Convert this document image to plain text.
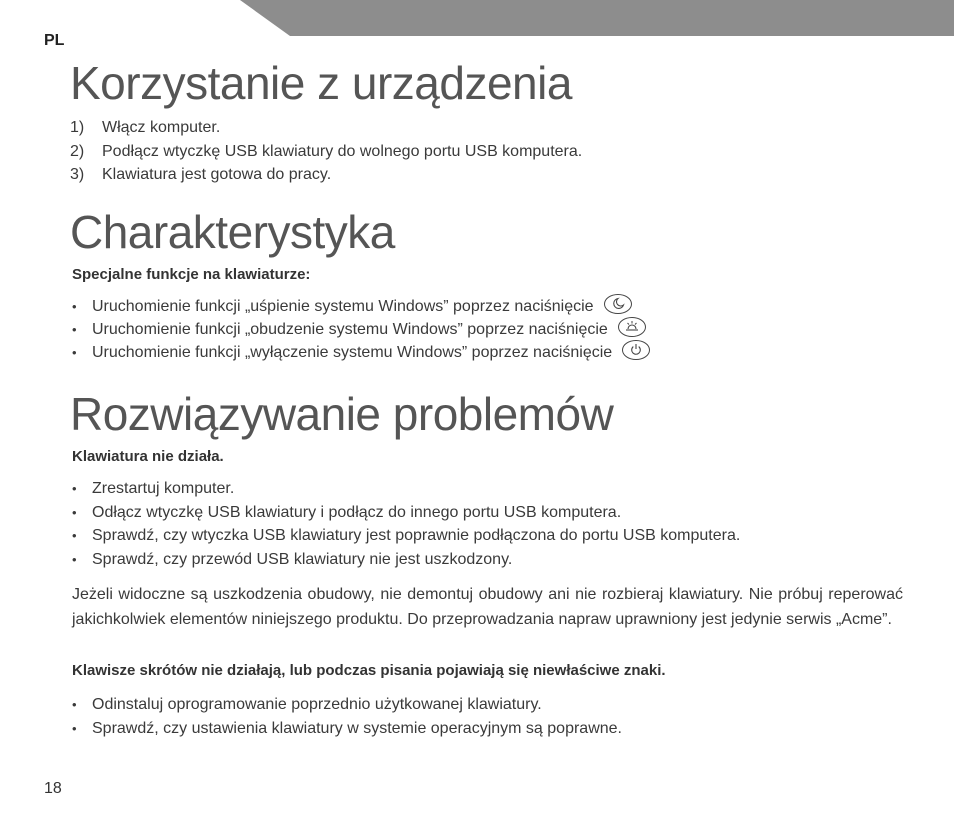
PL
Korzystanie z urządzenia
1) Włącz komputer.
2) Podłącz wtyczkę USB klawiatury do wolnego portu USB komputera.
3) Klawiatura jest gotowa do pracy.
Charakterystyka

Specjalne funkcje na klawiaturze:

• Uruchomienie funkcji „uśpienie systemu Windows” poprzez naciśnięcie
• Uruchomienie funkcji „obudzenie systemu Windows” poprzez naciśnięcie
• Uruchomienie funkcji „wyłączenie systemu Windows” poprzez naciśnięcie
Rozwiązywanie problemów

Klawiatura nie działa.

• Zrestartuj komputer.
• Odłącz wtyczkę USB klawiatury i podłącz do innego portu USB komputera.
• Sprawdź, czy wtyczka USB klawiatury jest poprawnie podłączona do portu USB komputera.
• Sprawdź, czy przewód USB klawiatury nie jest uszkodzony.

Jeżeli widoczne są uszkodzenia obudowy, nie demontuj obudowy ani nie rozbieraj klawiatury. Nie próbuj reperować jakichkolwiek elementów niniejszego produktu. Do przeprowadzania napraw uprawniony jest jedynie serwis „Acme”.

Klawisze skrótów nie działają, lub podczas pisania pojawiają się niewłaściwe znaki.

• Odinstaluj oprogramowanie poprzednio użytkowanej klawiatury.
• Sprawdź, czy ustawienia klawiatury w systemie operacyjnym są poprawne.
18
